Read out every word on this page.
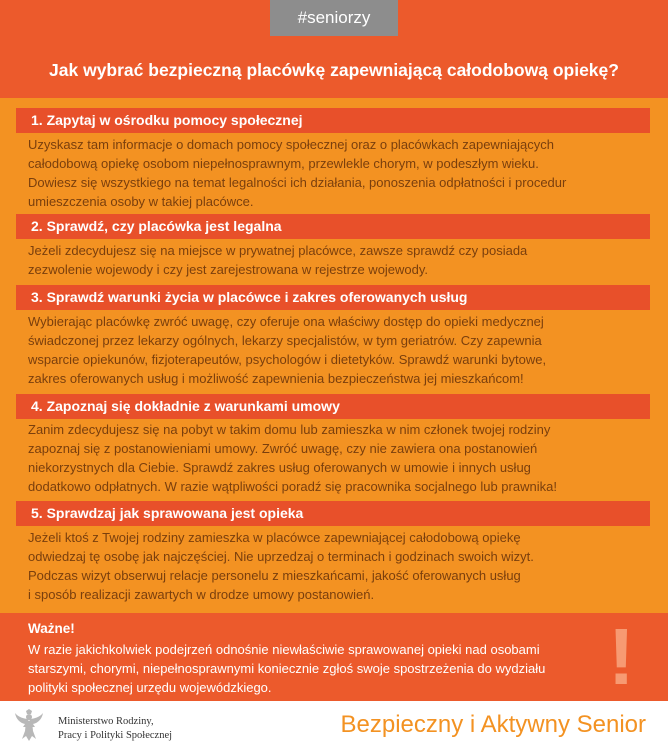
#seniorzy
Jak wybrać bezpieczną placówkę zapewniającą całodobową opiekę?
1. Zapytaj w ośrodku pomocy społecznej
Uzyskasz tam informacje o domach pomocy społecznej oraz o placówkach zapewniających
całodobową opiekę osobom niepełnosprawnym, przewlekle chorym, w podeszłym wieku.
Dowiesz się wszystkiego na temat legalności ich działania, ponoszenia odpłatności i procedur
umieszczenia osoby w takiej placówce.
2. Sprawdź, czy placówka jest legalna
Jeżeli zdecydujesz się na miejsce w prywatnej placówce, zawsze sprawdź czy posiada
zezwolenie wojewody i czy jest zarejestrowana w rejestrze wojewody.
3. Sprawdź warunki życia w placówce i zakres oferowanych usług
Wybierając placówkę zwróć uwagę, czy oferuje ona właściwy dostęp do opieki medycznej
świadczonej przez lekarzy ogólnych, lekarzy specjalistów, w tym geriatrów. Czy zapewnia
wsparcie opiekunów, fizjoterapeutów, psychologów i dietetyków. Sprawdź warunki bytowe,
zakres oferowanych usług i możliwość zapewnienia bezpieczeństwa jej mieszkańcom!
4. Zapoznaj się dokładnie z warunkami umowy
Zanim zdecydujesz się na pobyt w takim domu lub zamieszka w nim członek twojej rodziny
zapoznaj się z postanowieniami umowy. Zwróć uwagę, czy nie zawiera ona postanowień
niekorzystnych dla Ciebie. Sprawdź zakres usług oferowanych w umowie i innych usług
dodatkowo odpłatnych. W razie wątpliwości poradź się pracownika socjalnego lub prawnika!
5. Sprawdzaj jak sprawowana jest opieka
Jeżeli ktoś z Twojej rodziny zamieszka w placówce zapewniającej całodobową opiekę
odwiedzaj tę osobę jak najczęściej. Nie uprzedzaj o terminach i godzinach swoich wizyt.
Podczas wizyt obserwuj relacje personelu z mieszkańcami, jakość oferowanych usług
i sposób realizacji zawartych w drodze umowy postanowień.
!
Ważne!
W razie jakichkolwiek podejrzeń odnośnie niewłaściwie sprawowanej opieki nad osobami
starszymi, chorymi, niepełnosprawnymi koniecznie zgłoś swoje spostrzeżenia do wydziału
polityki społecznej urzędu wojewódzkiego.
Ministerstwo Rodziny,
Pracy i Polityki Społecznej	Bezpieczny i Aktywny Senior
